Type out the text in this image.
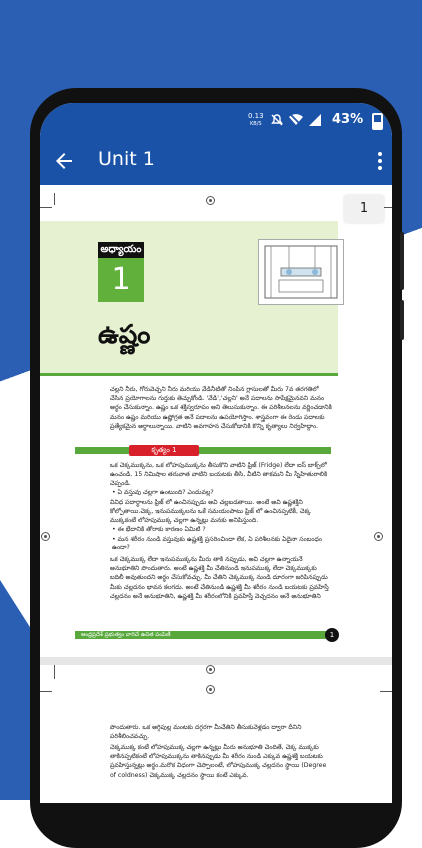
0.13
KB/S	43%
Unit 1
1
అధ్యాయం
1
ఉష్ణం
చల్లని నీరు, గోరువెచ్చని నీరు మరియు వేడినీటితో నింపిన గ్లాసులతో మీరు 7వ తరగతిలో చేసిన ప్రయోగాలను గుర్తుకు తెచ్చుకోండి. 'వేడి','చల్లని' అనే పదాలను సాపేక్షమైనవని మనం అర్థం చేసుకున్నాం. ఉష్ణం ఒక శక్తిస్వరూపం అని తెలుసుకున్నాం. ఈ పరిశీలనలను వర్ణించడానికి మనం ఉష్ణం మరియు ఉష్ణోగ్రత అనే పదాలను ఉపయోగిస్తాం. శాస్త్రవంగా ఈ రెండు పదాలకు ప్రత్యేకమైన అర్థాలున్నాయి. వాటిని అవగాహన చేసుకోడానికి కొన్ని కృత్యాలు నిర్వహిద్దాం.
కృత్యం 1
ఒక చెక్కముక్కను, ఒక లోహపుముక్కను తీసుకొని వాటిని ఫ్రిజ్ (Fridge) లేదా ఐస్ బాక్స్‌లో ఉంచండి. 15 నిమిషాల తరువాత వాటిని బయటకు తీసి, వీటిని తాకమని మీ స్నేహితురాలికి చెప్పండి.
• ఏ వస్తువు చల్లగా ఉంటుంది? ఎందువల్ల?
వివిధ పదార్థాలను ఫ్రిజ్ లో ఉంచినప్పుడు అవి చల్లబడతాయి. అంటే అవి ఉష్ణశక్తిని కోల్పోతాయి.చెక్క, ఇనుపముక్కలను ఒకే సమయంపాటు ఫ్రిజ్ లో ఉంచినప్పటికీ, చెక్క ముక్కకంటే లోహపుముక్క చల్లగా ఉన్నట్లు మనకు అనిపిస్తుంది.
• ఈ భేదానికి తోరాకు కారణం ఏమిటి ?
• మన శరీరం నుండి వస్తువుకు ఉష్ణశక్తి ప్రసరించిందా లేక, ఏ పరిశీలనకు ఏదైనా సంబంధం ఉందా?
ఒక చెక్కముక్క లేదా ఇనుపముక్కను మీరు తాకి నప్పుడు, అవి చల్లగా ఉన్నాయనే అనుభూతిని పొందుతారు. అంటే ఉష్ణశక్తి మీ చేతినుండి ఇనుపముక్క లేదా చెక్కముక్కకు బదిలీ అవుతుందని అర్థం చేసుకోవచ్చు. మీ చేతిని చెక్కముక్క నుండి దూరంగా జరిపినప్పుడు మీకు చల్లదనం భావన కలగదు. అంటే చేతినుండి ఉష్ణశక్తి మీ శరీరం నుండి బయటకు ప్రవహిస్తే చల్లదనం అనే అనుభూతిని, ఉష్ణశక్తి మీ శరీరంలోనికి ప్రవహిస్తే వెచ్చదనం అనే అనుభూతిని
ఆంధ్రప్రదేశ్ ప్రభుత్వం వారిచే ఉచిత పంపిణీ	1
పొందుతారు. ఒక అగ్గిపుల్ల మంటకు దగ్గరగా మీచేతిని తీసుకువెళ్లడం ద్వారా దీనిని పరిశీలించవచ్చు.
చెక్కముక్క కంటే లోహపుముక్క చల్లగా ఉన్నట్లు మీరు అనుభూతి చెందితే, చెక్క ముక్కకు తాకినప్పటికంటే లోహపుముక్కను తాకినప్పుడు మీ శరీరం నుండి ఎక్కువ ఉష్ణశక్తి బయటకు ప్రవహిస్తున్నట్లు అర్థం.మరొక విధంగా చెప్పాలంటే, లోహపుముక్క చల్లదనం స్థాయి (Degree of coldness) చెక్కముక్క చల్లదనం స్థాయి కంటే ఎక్కువ.
